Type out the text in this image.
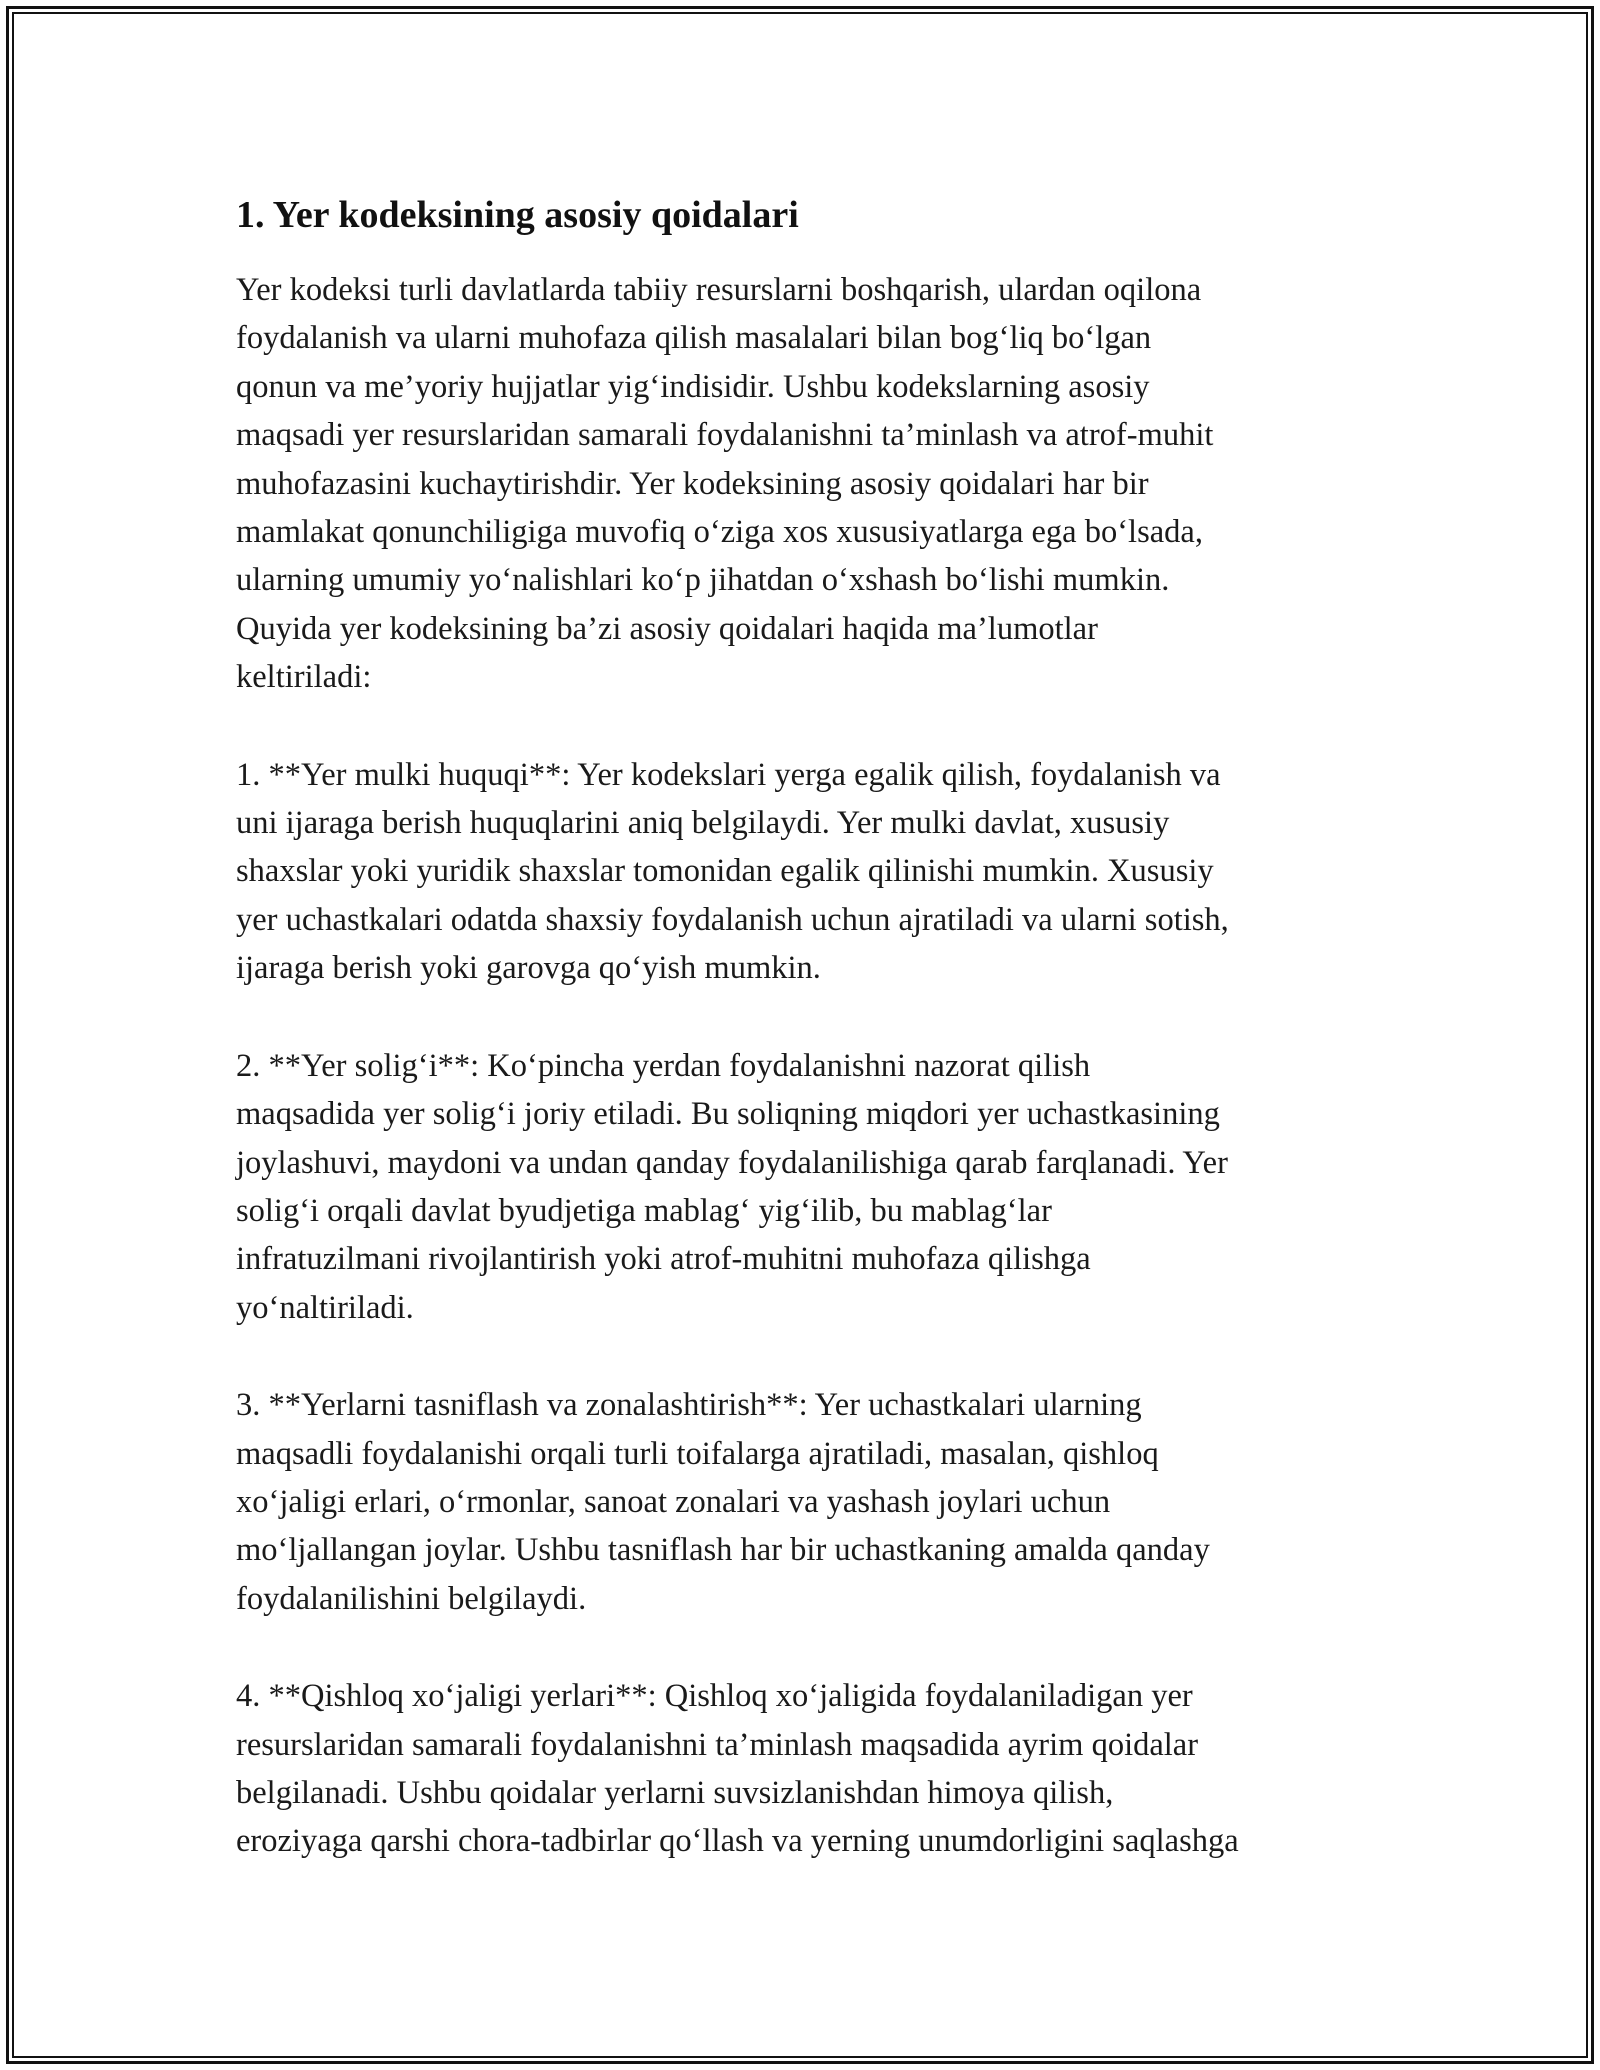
1. Yer kodeksining asosiy qoidalari

Yer kodeksi turli davlatlarda tabiiy resurslarni boshqarish, ulardan oqilona
foydalanish va ularni muhofaza qilish masalalari bilan bog‘liq bo‘lgan
qonun va me’yoriy hujjatlar yig‘indisidir. Ushbu kodekslarning asosiy
maqsadi yer resurslaridan samarali foydalanishni ta’minlash va atrof-muhit
muhofazasini kuchaytirishdir. Yer kodeksining asosiy qoidalari har bir
mamlakat qonunchiligiga muvofiq o‘ziga xos xususiyatlarga ega bo‘lsada,
ularning umumiy yo‘nalishlari ko‘p jihatdan o‘xshash bo‘lishi mumkin.
Quyida yer kodeksining ba’zi asosiy qoidalari haqida ma’lumotlar
keltiriladi:

1. **Yer mulki huquqi**: Yer kodekslari yerga egalik qilish, foydalanish va
uni ijaraga berish huquqlarini aniq belgilaydi. Yer mulki davlat, xususiy
shaxslar yoki yuridik shaxslar tomonidan egalik qilinishi mumkin. Xususiy
yer uchastkalari odatda shaxsiy foydalanish uchun ajratiladi va ularni sotish,
ijaraga berish yoki garovga qo‘yish mumkin.

2. **Yer solig‘i**: Ko‘pincha yerdan foydalanishni nazorat qilish
maqsadida yer solig‘i joriy etiladi. Bu soliqning miqdori yer uchastkasining
joylashuvi, maydoni va undan qanday foydalanilishiga qarab farqlanadi. Yer
solig‘i orqali davlat byudjetiga mablag‘ yig‘ilib, bu mablag‘lar
infratuzilmani rivojlantirish yoki atrof-muhitni muhofaza qilishga
yo‘naltiriladi.

3. **Yerlarni tasniflash va zonalashtirish**: Yer uchastkalari ularning
maqsadli foydalanishi orqali turli toifalarga ajratiladi, masalan, qishloq
xo‘jaligi erlari, o‘rmonlar, sanoat zonalari va yashash joylari uchun
mo‘ljallangan joylar. Ushbu tasniflash har bir uchastkaning amalda qanday
foydalanilishini belgilaydi.

4. **Qishloq xo‘jaligi yerlari**: Qishloq xo‘jaligida foydalaniladigan yer
resurslaridan samarali foydalanishni ta’minlash maqsadida ayrim qoidalar
belgilanadi. Ushbu qoidalar yerlarni suvsizlanishdan himoya qilish,
eroziyaga qarshi chora-tadbirlar qo‘llash va yerning unumdorligini saqlashga
